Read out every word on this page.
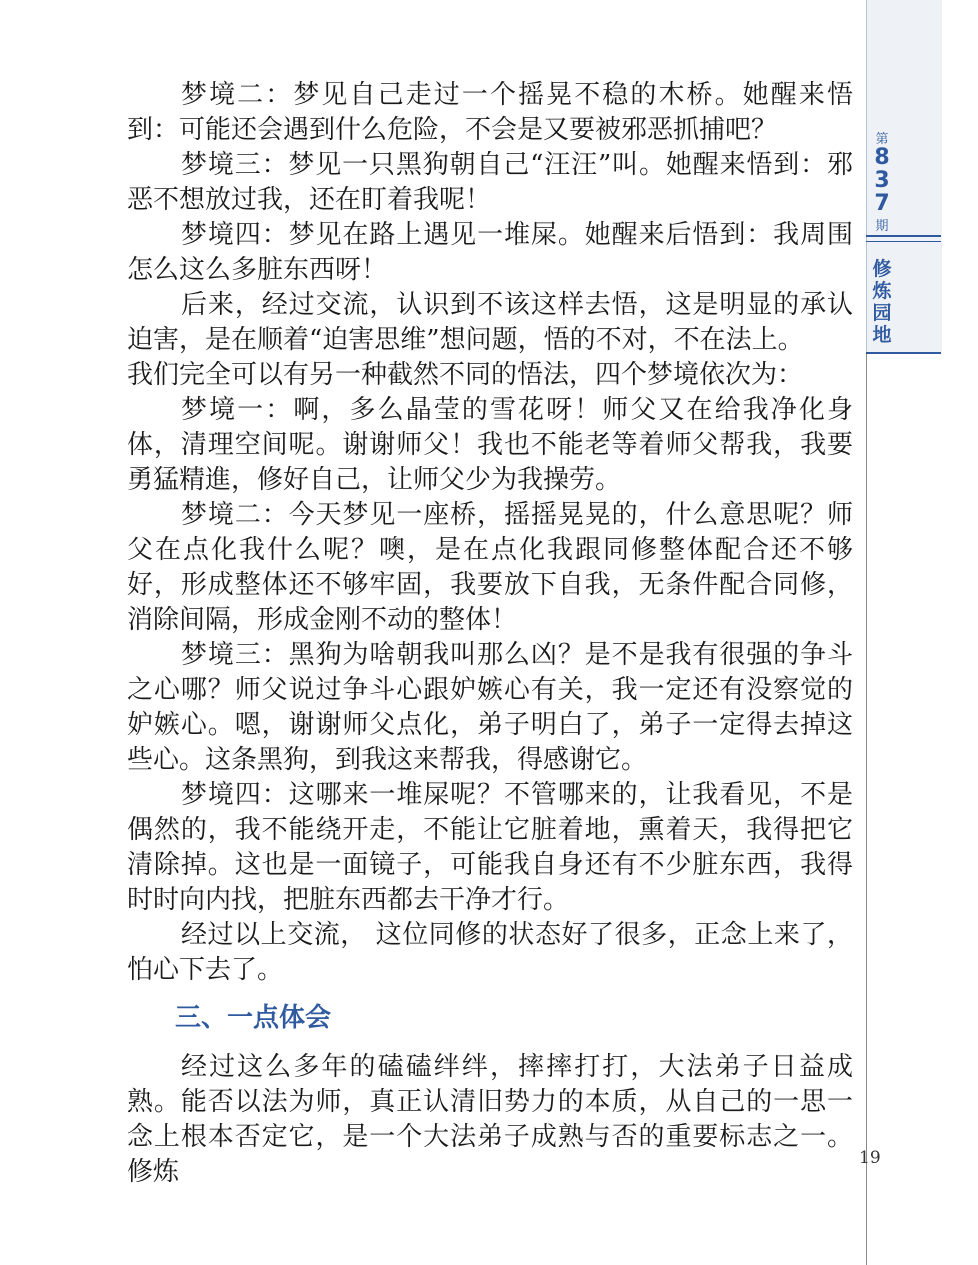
梦境二：梦见自己走过一个摇晃不稳的木桥。她醒来悟到：可能还会遇到什么危险，不会是又要被邪恶抓捕吧？

梦境三：梦见一只黑狗朝自己“汪汪”叫。她醒来悟到：邪恶不想放过我，还在盯着我呢！

梦境四：梦见在路上遇见一堆屎。她醒来后悟到：我周围怎么这么多脏东西呀！

后来，经过交流，认识到不该这样去悟，这是明显的承认迫害，是在顺着“迫害思维”想问题，悟的不对，不在法上。

我们完全可以有另一种截然不同的悟法，四个梦境依次为：

梦境一：啊，多么晶莹的雪花呀！师父又在给我净化身体，清理空间呢。谢谢师父！我也不能老等着师父帮我，我要勇猛精進，修好自己，让师父少为我操劳。

梦境二：今天梦见一座桥，摇摇晃晃的，什么意思呢？师父在点化我什么呢？噢，是在点化我跟同修整体配合还不够好，形成整体还不够牢固，我要放下自我，无条件配合同修，消除间隔，形成金刚不动的整体！

梦境三：黑狗为啥朝我叫那么凶？是不是我有很强的争斗之心哪？师父说过争斗心跟妒嫉心有关，我一定还有没察觉的妒嫉心。嗯，谢谢师父点化，弟子明白了，弟子一定得去掉这些心。这条黑狗，到我这来帮我，得感谢它。

梦境四：这哪来一堆屎呢？不管哪来的，让我看见，不是偶然的，我不能绕开走，不能让它脏着地，熏着天，我得把它清除掉。这也是一面镜子，可能我自身还有不少脏东西，我得时时向内找，把脏东西都去干净才行。

经过以上交流， 这位同修的状态好了很多，正念上来了，怕心下去了。

三、一点体会

经过这么多年的磕磕绊绊，摔摔打打，大法弟子日益成熟。能否以法为师，真正认清旧势力的本质，从自己的一思一念上根本否定它，是一个大法弟子成熟与否的重要标志之一。修炼

第
8
3
7
期
修
炼
园
地
19
